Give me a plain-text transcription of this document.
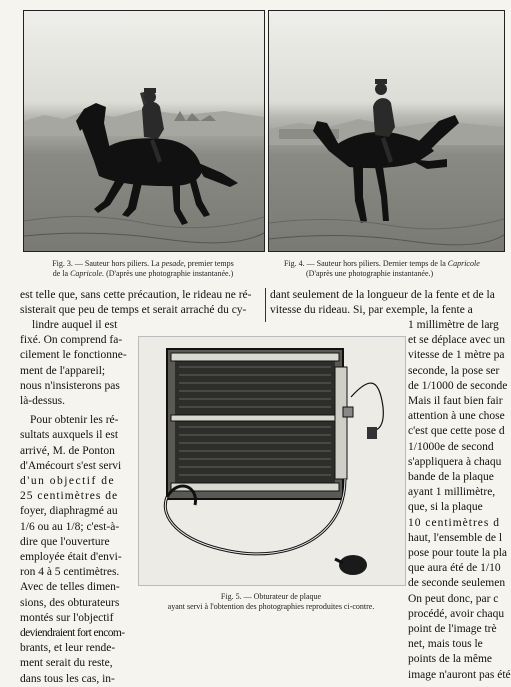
Fig. 3. — Sauteur hors piliers. La pesade, premier temps
de la Capricole. (D'après une photographie instantanée.)
Fig. 4. — Sauteur hors piliers. Dernier temps de la Capricole
(D'après une photographie instantanée.)

est telle que, sans cette précaution, le rideau ne ré-

sisterait que peu de temps et serait arraché du cy-

dant seulement de la longueur de la fente et de la

vitesse du rideau. Si, par exemple, la fente a

lindre auquel il est

fixé. On comprend fa-

cilement le fonctionne-

ment de l'appareil;

nous n'insisterons pas

là-dessus.

Pour obtenir les ré-

sultats auxquels il est

arrivé, M. de Ponton

d'Amécourt s'est servi

d'un objectif de

25 centimètres de

foyer, diaphragmé au

1/6 ou au 1/8; c'est-à-

dire que l'ouverture

employée était d'envi-

ron 4 à 5 centimètres.

Avec de telles dimen-

sions, des obturateurs

montés sur l'objectif

deviendraient fort encom-

brants, et leur rende-

ment serait du reste,

dans tous les cas, in-

Fig. 5. — Obturateur de plaque
ayant servi à l'obtention des photographies reproduites ci-contre.

1 millimètre de larg

et se déplace avec un

vitesse de 1 mètre pa

seconde, la pose ser

de 1/1000 de seconde

Mais il faut bien fair

attention à une chose

c'est que cette pose d

1/1000e de second

s'appliquera à chaqu

bande de la plaque

ayant 1 millimètre,

que, si la plaque

10 centimètres d

haut, l'ensemble de l

pose pour toute la pla

que aura été de 1/10

de seconde seulemen

On peut donc, par c

procédé, avoir chaqu

point de l'image trè

net, mais tous le

points de la même

image n'auront pas été
